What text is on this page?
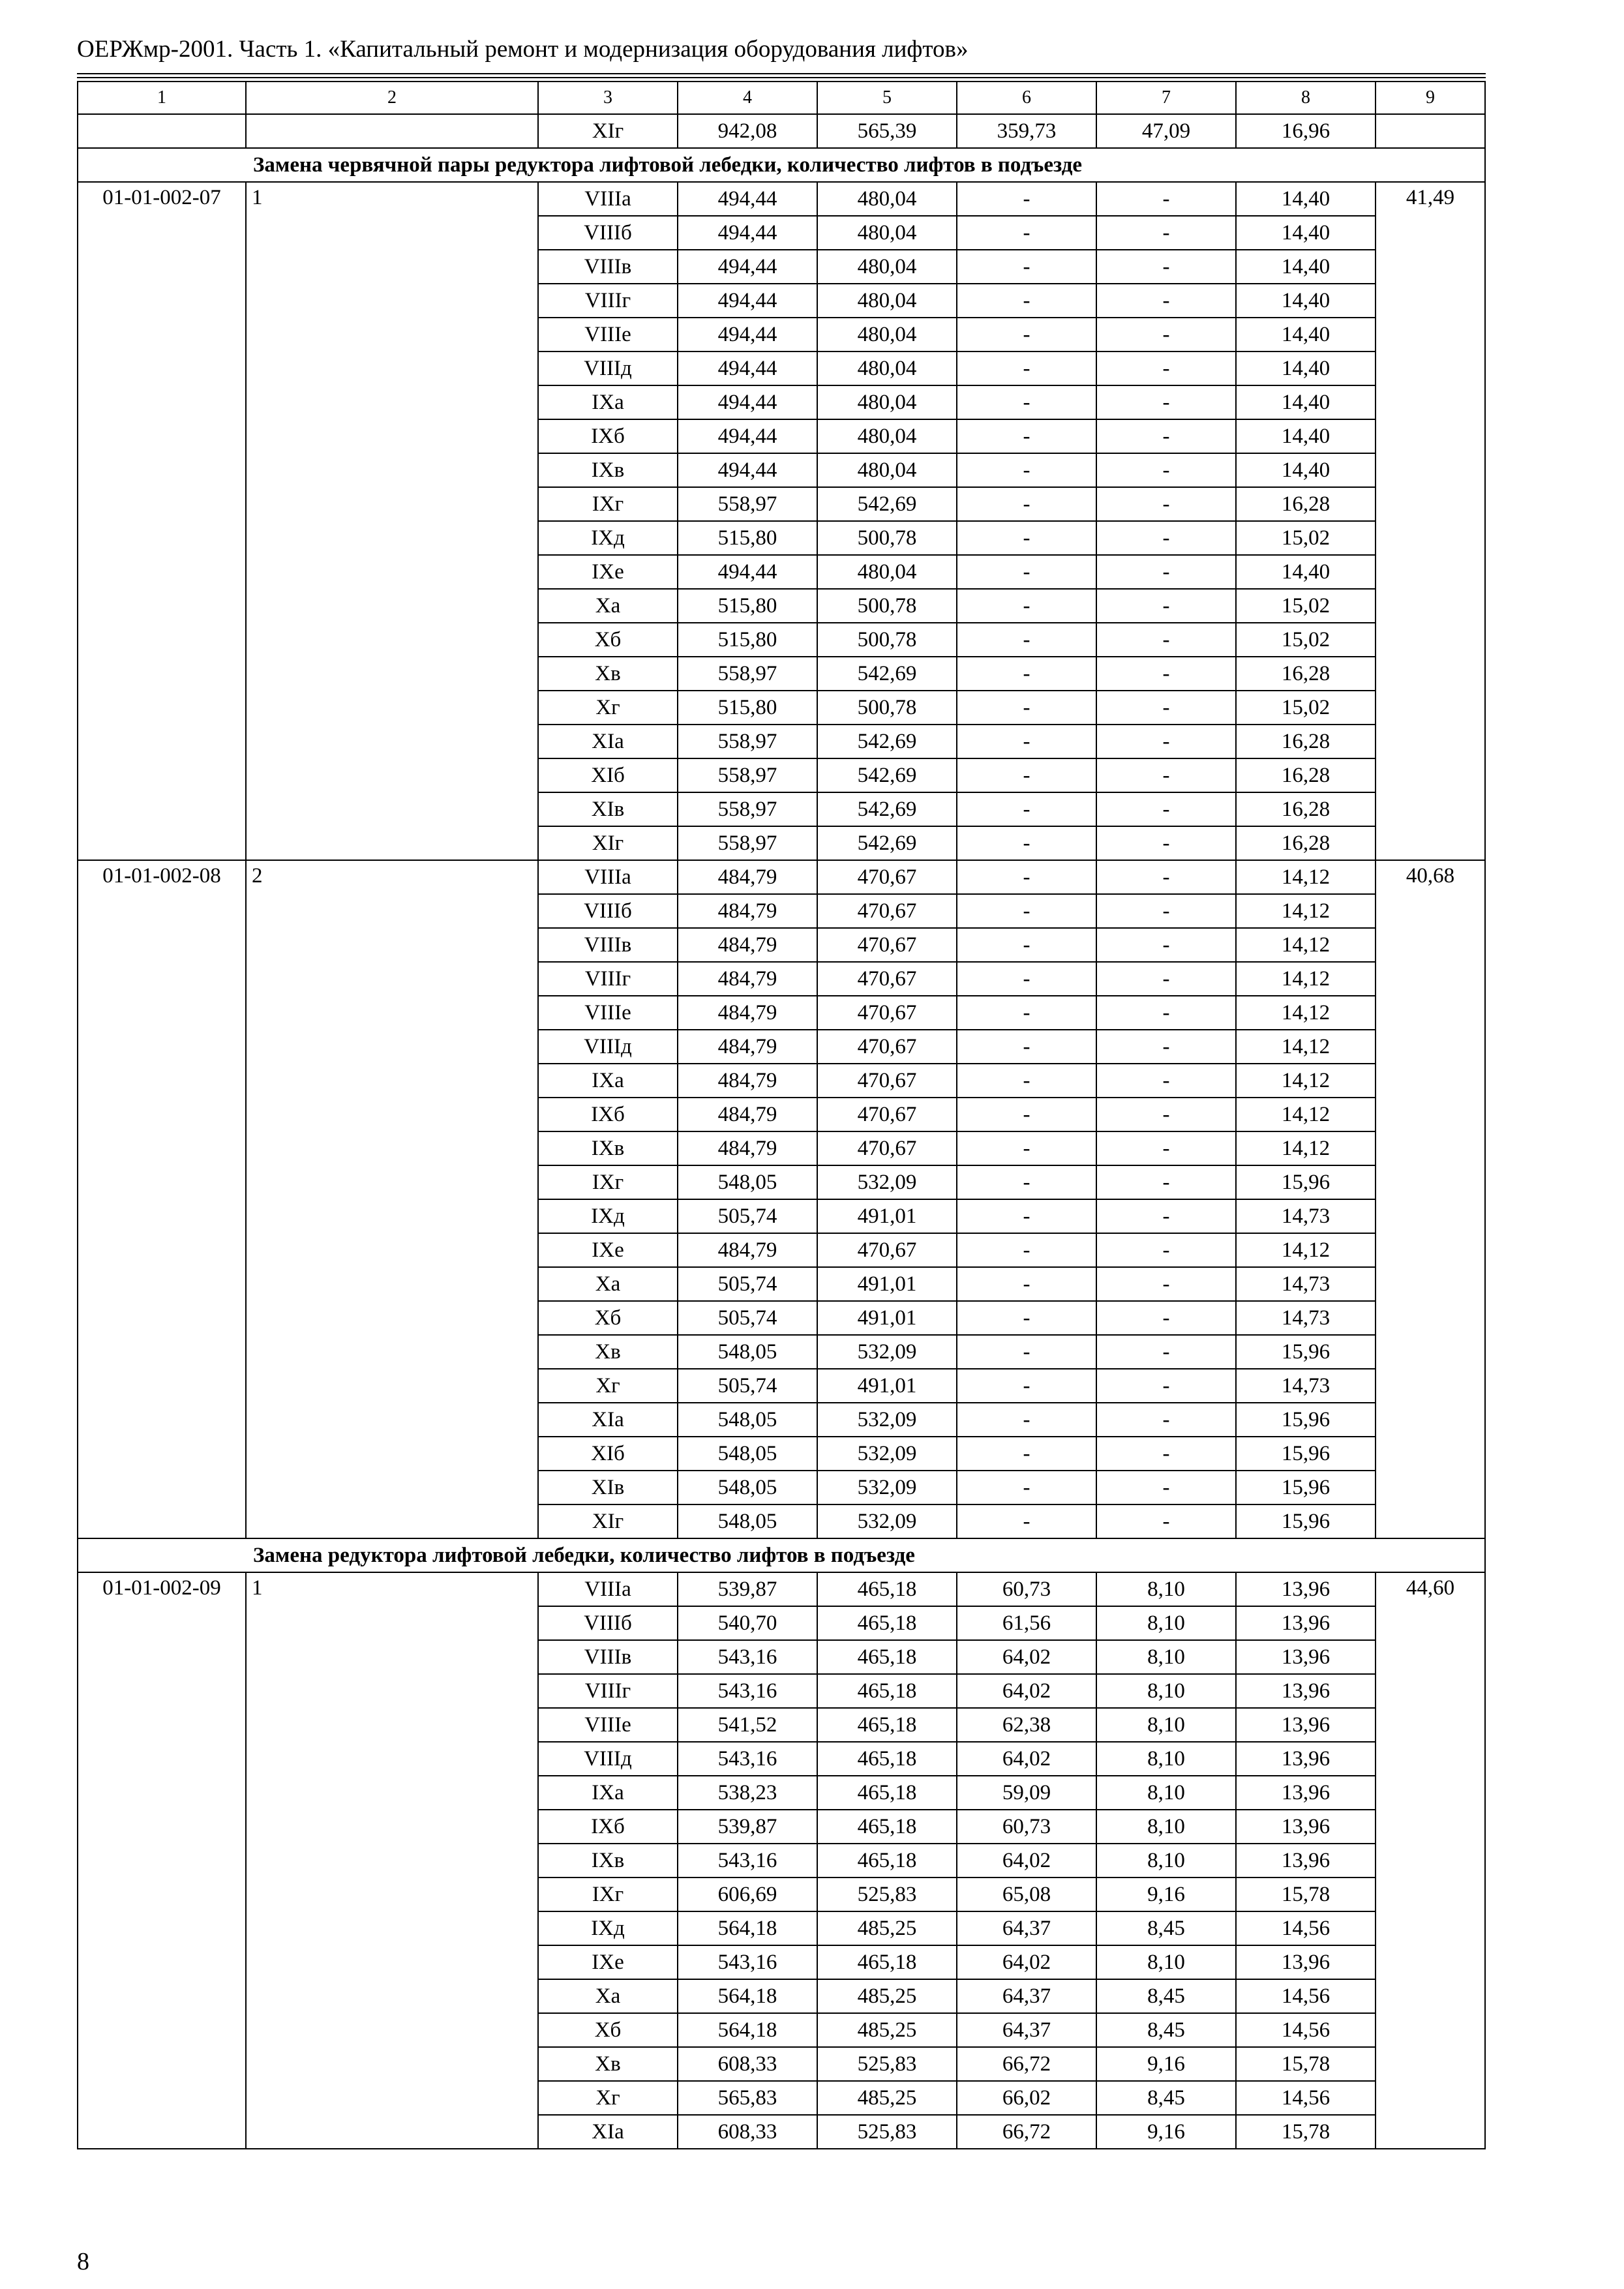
ОЕРЖмр-2001. Часть 1. «Капитальный ремонт и модернизация оборудования лифтов»
1	2	3	4	5	6	7	8	9
		XIг	942,08	565,39	359,73	47,09	16,96	
Замена червячной пары редуктора лифтовой лебедки, количество лифтов в подъезде								
01-01-002-07	1	VIIIа	494,44	480,04	-	-	14,40	41,49
		VIIIб	494,44	480,04	-	-	14,40	
		VIIIв	494,44	480,04	-	-	14,40	
		VIIIг	494,44	480,04	-	-	14,40	
		VIIIе	494,44	480,04	-	-	14,40	
		VIIIд	494,44	480,04	-	-	14,40	
		IXа	494,44	480,04	-	-	14,40	
		IXб	494,44	480,04	-	-	14,40	
		IXв	494,44	480,04	-	-	14,40	
		IXг	558,97	542,69	-	-	16,28	
		IXд	515,80	500,78	-	-	15,02	
		IXе	494,44	480,04	-	-	14,40	
		Xа	515,80	500,78	-	-	15,02	
		Xб	515,80	500,78	-	-	15,02	
		Xв	558,97	542,69	-	-	16,28	
		Xг	515,80	500,78	-	-	15,02	
		XIа	558,97	542,69	-	-	16,28	
		XIб	558,97	542,69	-	-	16,28	
		XIв	558,97	542,69	-	-	16,28	
		XIг	558,97	542,69	-	-	16,28	
01-01-002-08	2	VIIIа	484,79	470,67	-	-	14,12	40,68
		VIIIб	484,79	470,67	-	-	14,12	
		VIIIв	484,79	470,67	-	-	14,12	
		VIIIг	484,79	470,67	-	-	14,12	
		VIIIе	484,79	470,67	-	-	14,12	
		VIIIд	484,79	470,67	-	-	14,12	
		IXа	484,79	470,67	-	-	14,12	
		IXб	484,79	470,67	-	-	14,12	
		IXв	484,79	470,67	-	-	14,12	
		IXг	548,05	532,09	-	-	15,96	
		IXд	505,74	491,01	-	-	14,73	
		IXе	484,79	470,67	-	-	14,12	
		Xа	505,74	491,01	-	-	14,73	
		Xб	505,74	491,01	-	-	14,73	
		Xв	548,05	532,09	-	-	15,96	
		Xг	505,74	491,01	-	-	14,73	
		XIа	548,05	532,09	-	-	15,96	
		XIб	548,05	532,09	-	-	15,96	
		XIв	548,05	532,09	-	-	15,96	
		XIг	548,05	532,09	-	-	15,96	
Замена редуктора лифтовой лебедки, количество лифтов в подъезде								
01-01-002-09	1	VIIIа	539,87	465,18	60,73	8,10	13,96	44,60
		VIIIб	540,70	465,18	61,56	8,10	13,96	
		VIIIв	543,16	465,18	64,02	8,10	13,96	
		VIIIг	543,16	465,18	64,02	8,10	13,96	
		VIIIе	541,52	465,18	62,38	8,10	13,96	
		VIIIд	543,16	465,18	64,02	8,10	13,96	
		IXа	538,23	465,18	59,09	8,10	13,96	
		IXб	539,87	465,18	60,73	8,10	13,96	
		IXв	543,16	465,18	64,02	8,10	13,96	
		IXг	606,69	525,83	65,08	9,16	15,78	
		IXд	564,18	485,25	64,37	8,45	14,56	
		IXе	543,16	465,18	64,02	8,10	13,96	
		Xа	564,18	485,25	64,37	8,45	14,56	
		Xб	564,18	485,25	64,37	8,45	14,56	
		Xв	608,33	525,83	66,72	9,16	15,78	
		Xг	565,83	485,25	66,02	8,45	14,56	
		XIа	608,33	525,83	66,72	9,16	15,78	
8
